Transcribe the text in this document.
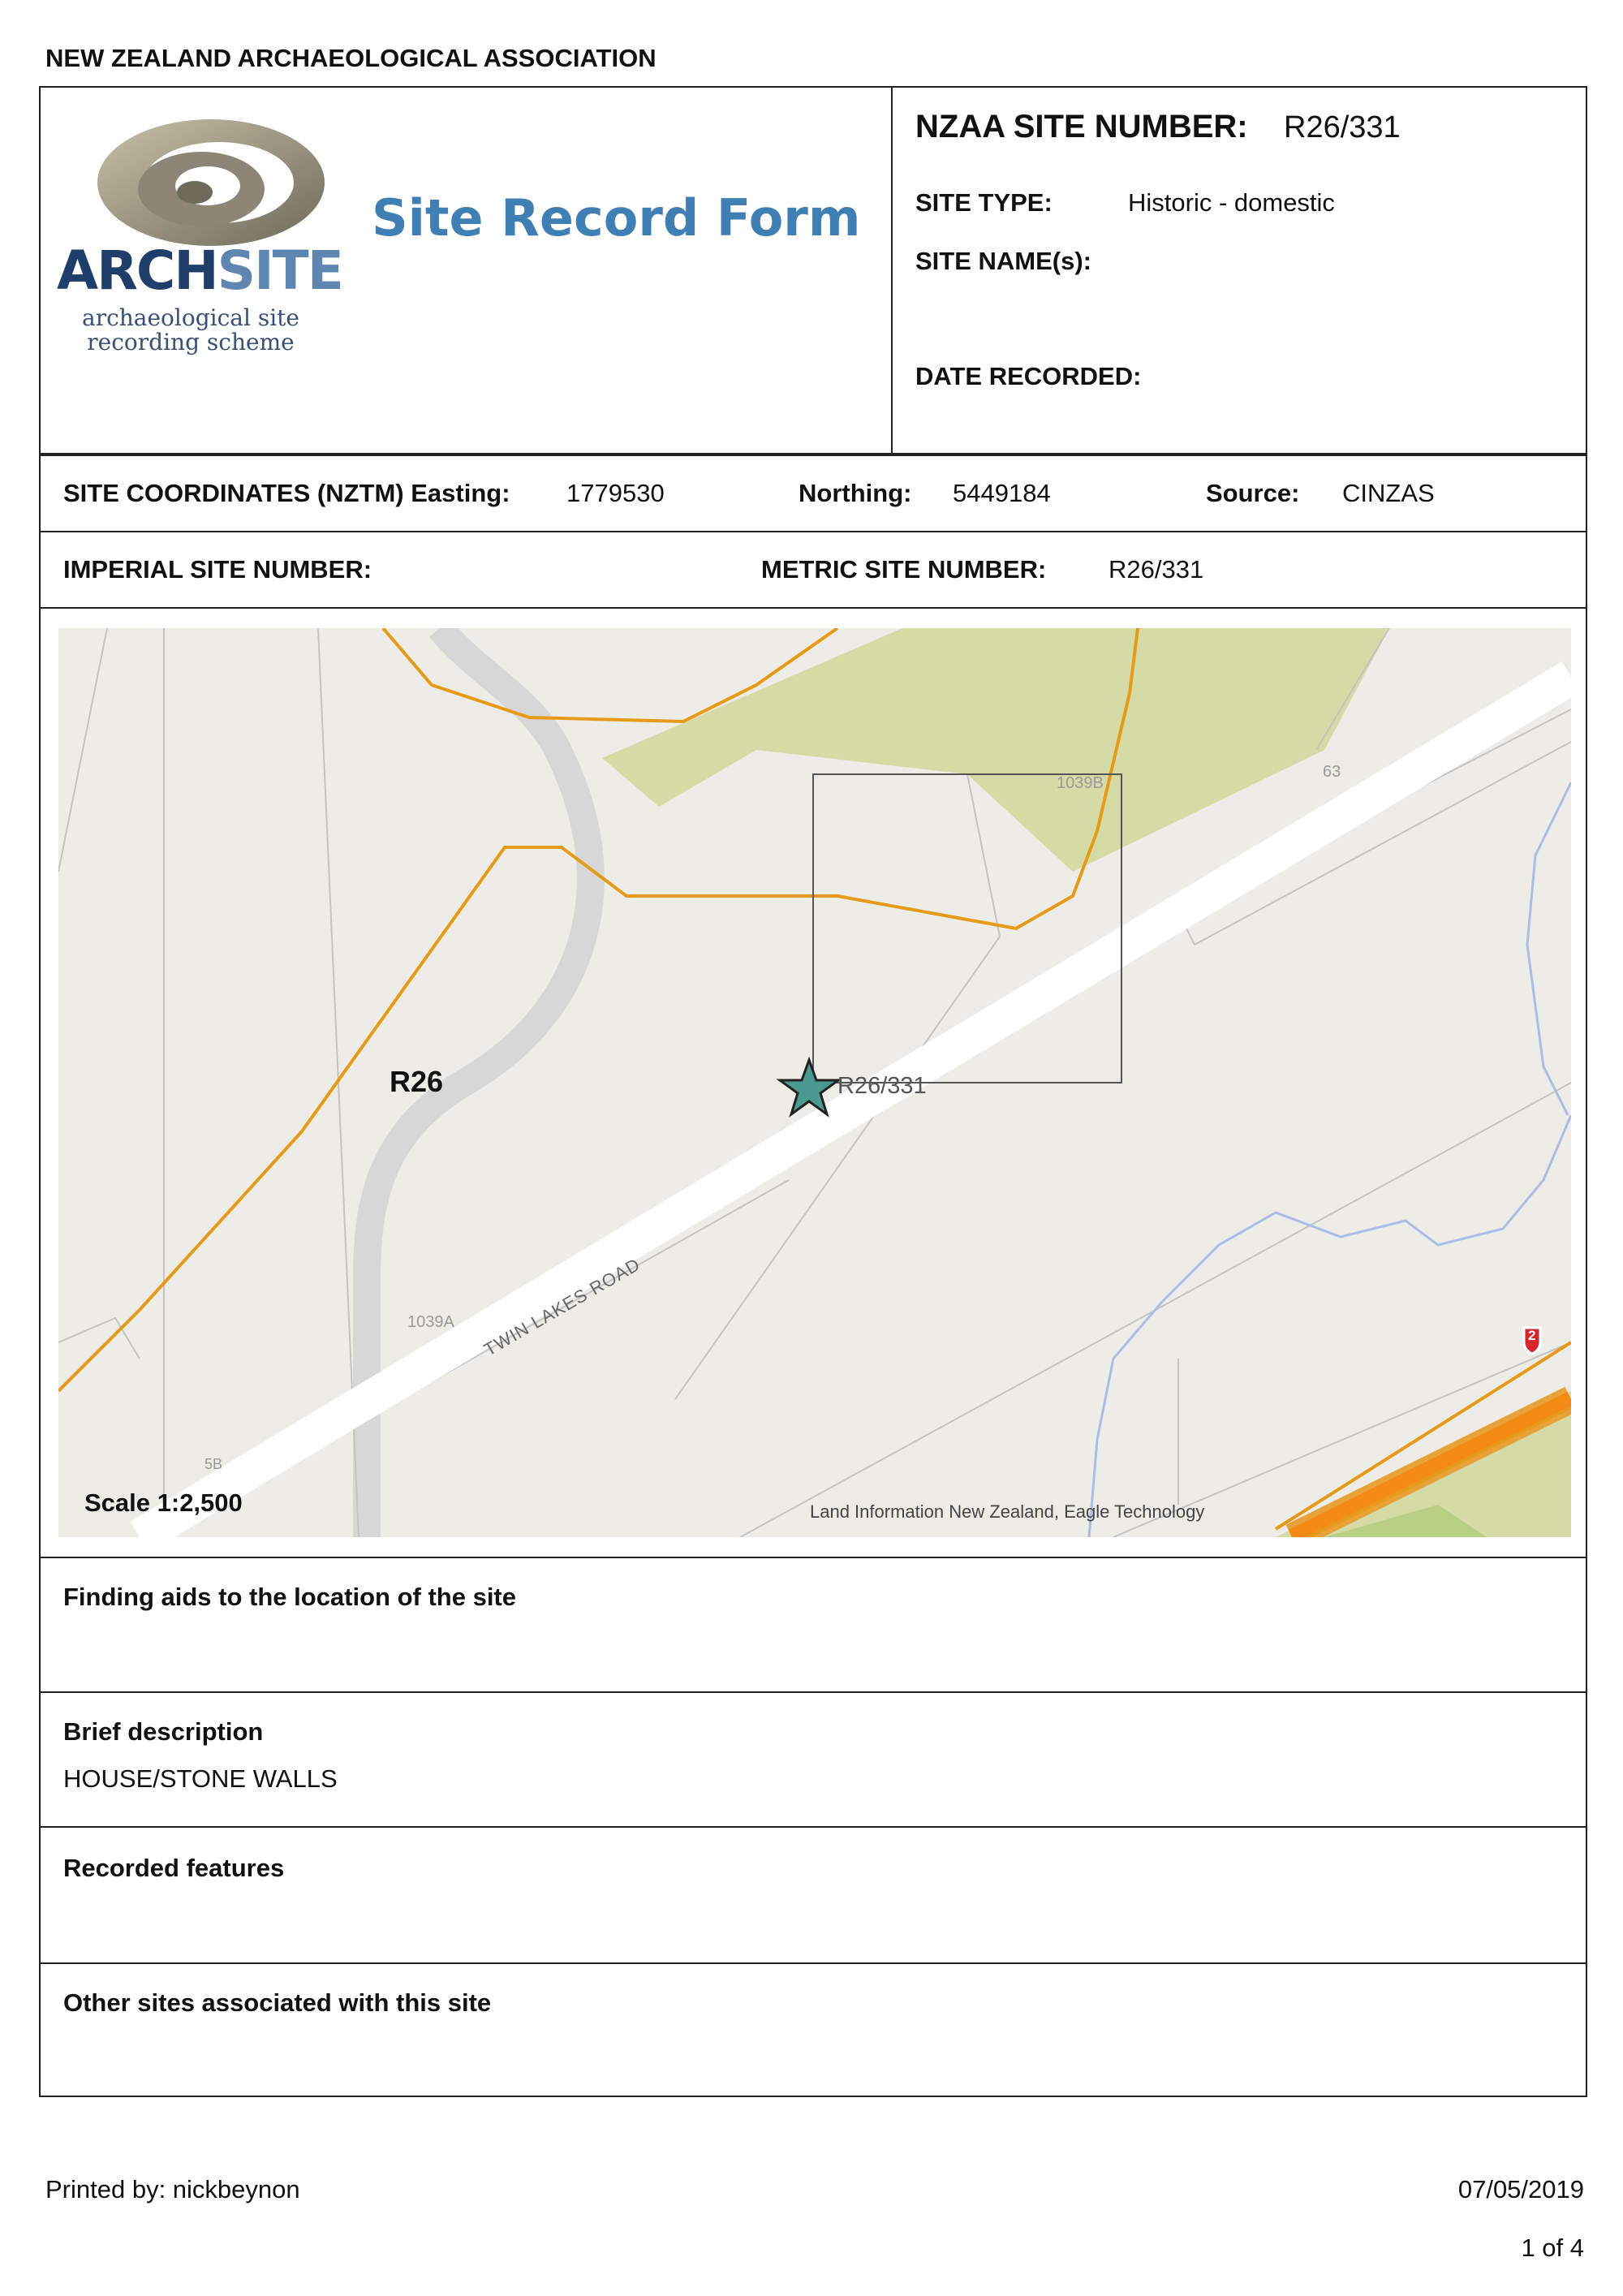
NEW ZEALAND ARCHAEOLOGICAL ASSOCIATION
ARCHSITE
archaeological site
recording scheme
Site Record Form
NZAA SITE NUMBER: R26/331
SITE TYPE:	Historic - domestic
SITE NAME(s):
DATE RECORDED:
SITE COORDINATES (NZTM) Easting: 1779530	Northing: 5449184	Source: CINZAS
IMPERIAL SITE NUMBER:	METRIC SITE NUMBER: R26/331
R26	R26/331
1039B
63
1039A
5B
TWIN LAKES ROAD	2
Scale 1:2,500	Land Information New Zealand, Eagle Technology
Finding aids to the location of the site
Brief description
HOUSE/STONE WALLS
Recorded features
Other sites associated with this site
Printed by: nickbeynon	07/05/2019
1 of 4
